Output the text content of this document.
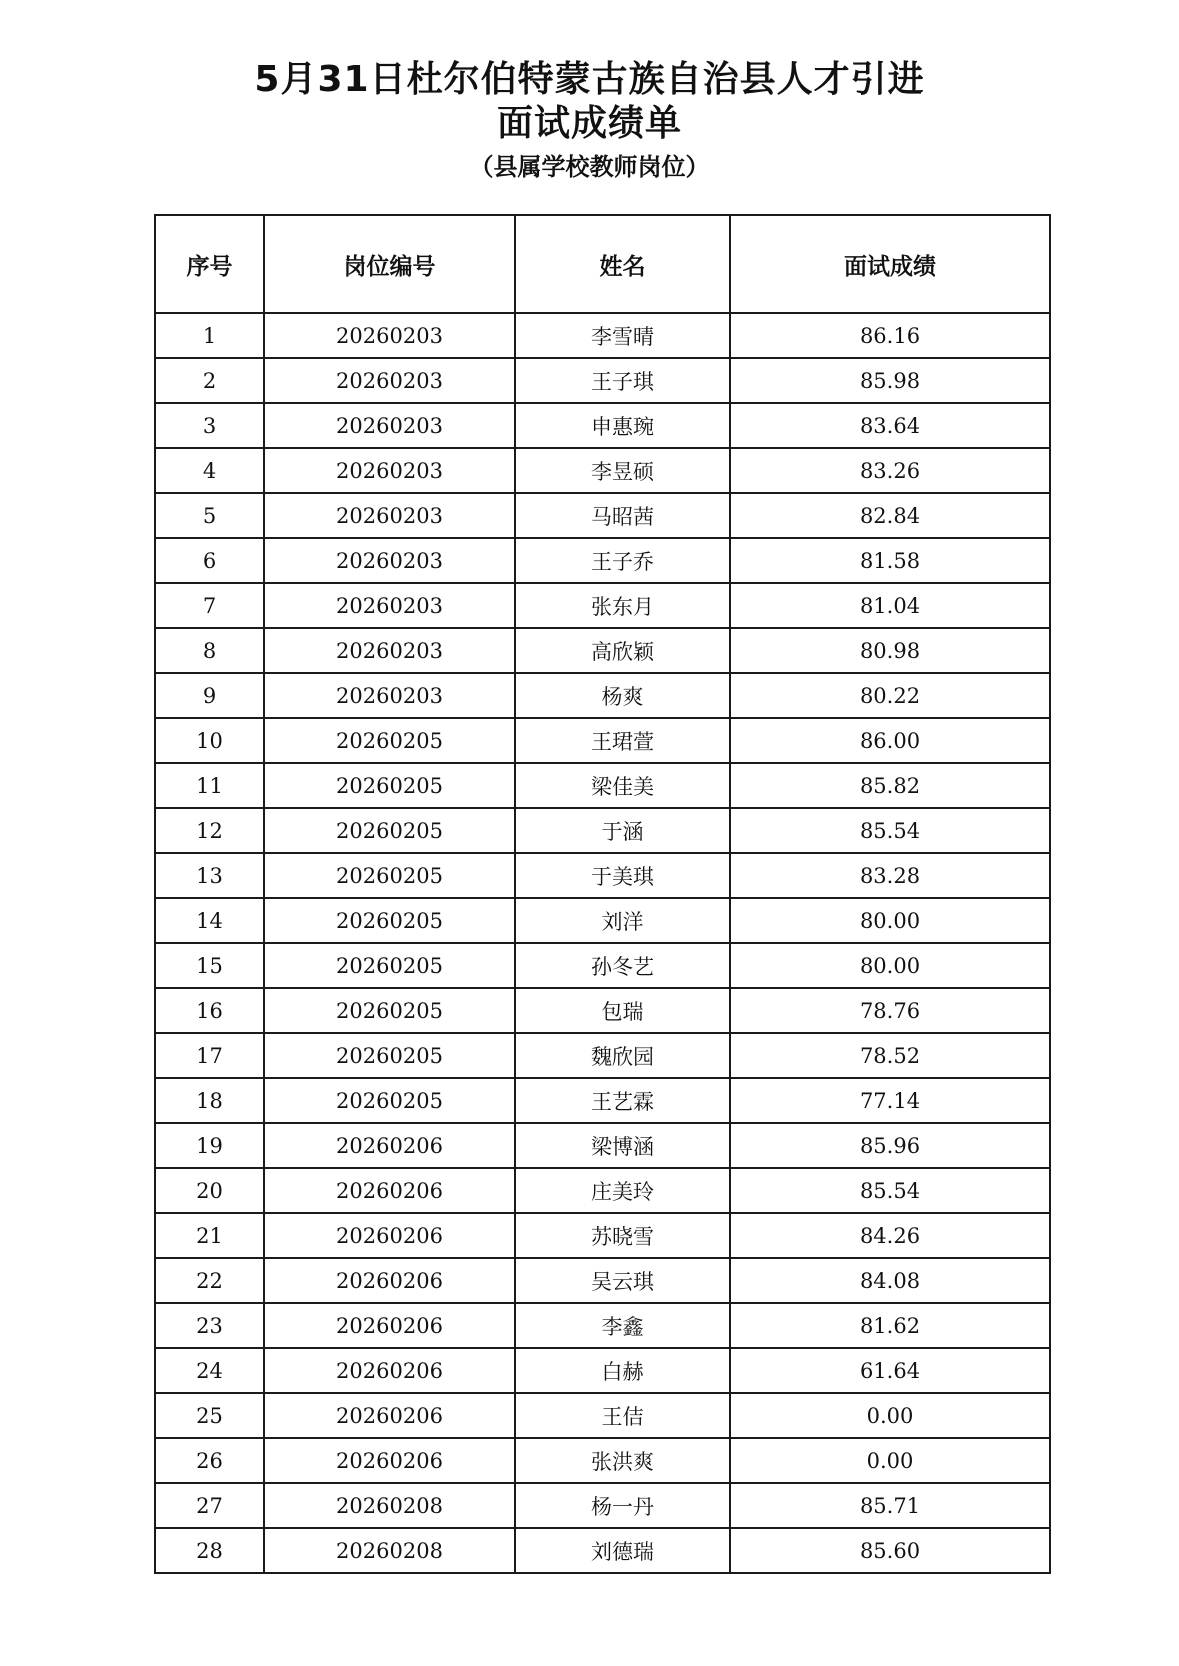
5月31日杜尔伯特蒙古族自治县人才引进
面试成绩单
（县属学校教师岗位）
序号	岗位编号	姓名	面试成绩
1	20260203	李雪晴	86.16
2	20260203	王子琪	85.98
3	20260203	申惠琬	83.64
4	20260203	李昱硕	83.26
5	20260203	马昭茜	82.84
6	20260203	王子乔	81.58
7	20260203	张东月	81.04
8	20260203	高欣颖	80.98
9	20260203	杨爽	80.22
10	20260205	王珺萱	86.00
11	20260205	梁佳美	85.82
12	20260205	于涵	85.54
13	20260205	于美琪	83.28
14	20260205	刘洋	80.00
15	20260205	孙冬艺	80.00
16	20260205	包瑞	78.76
17	20260205	魏欣园	78.52
18	20260205	王艺霖	77.14
19	20260206	梁博涵	85.96
20	20260206	庄美玲	85.54
21	20260206	苏晓雪	84.26
22	20260206	吴云琪	84.08
23	20260206	李鑫	81.62
24	20260206	白赫	61.64
25	20260206	王佶	0.00
26	20260206	张洪爽	0.00
27	20260208	杨一丹	85.71
28	20260208	刘德瑞	85.60
